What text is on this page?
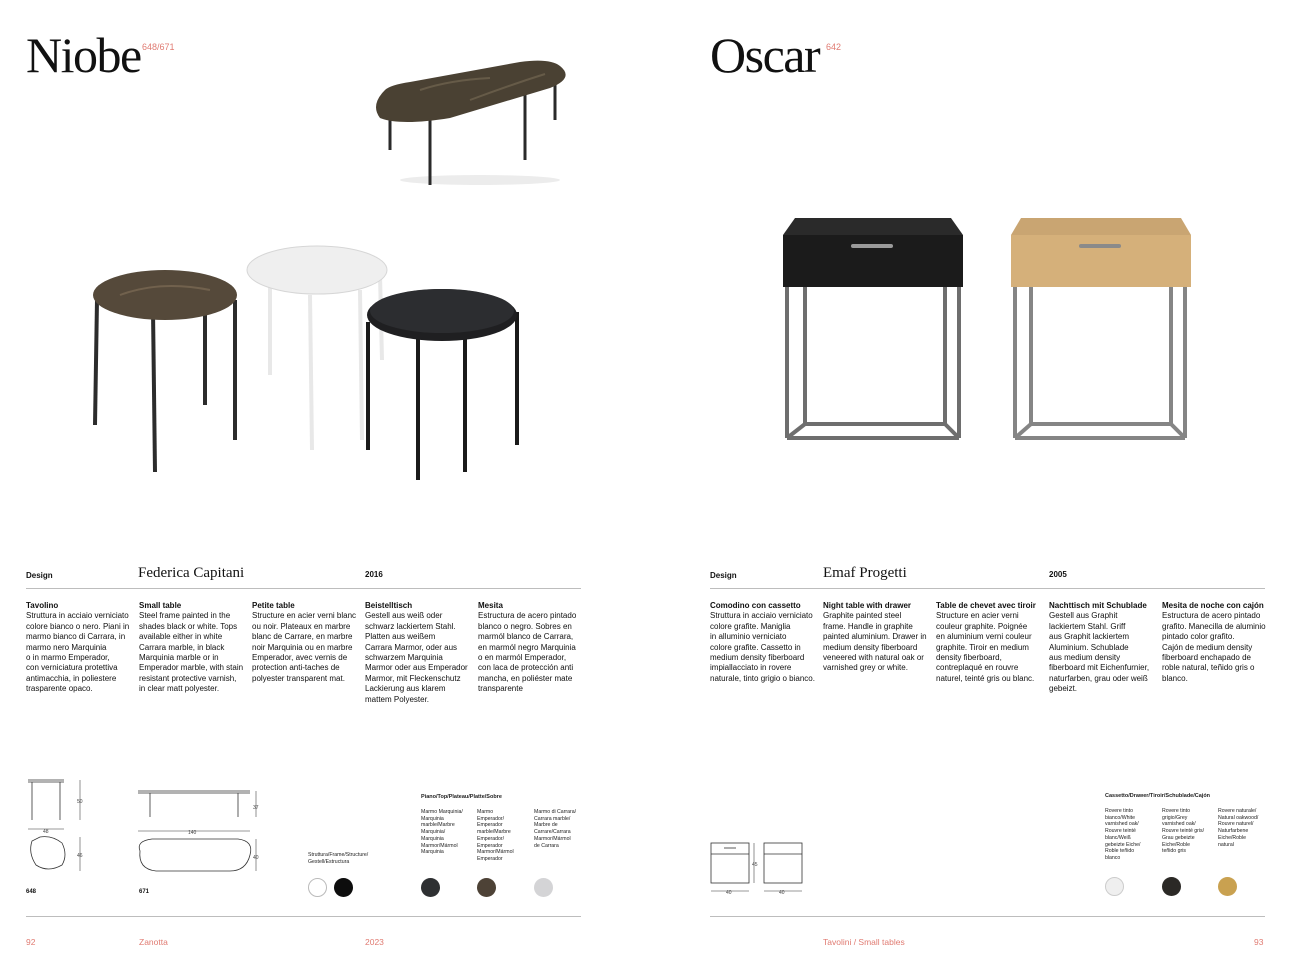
Niobe 648/671
Design	Federica Capitani	2016
Tavolino
Struttura in acciaio verniciato
colore bianco o nero. Piani in
marmo bianco di Carrara, in
marmo nero Marquinia
o in marmo Emperador,
con verniciatura protettiva
antimacchia, in poliestere
trasparente opaco.
Small table
Steel frame painted in the
shades black or white. Tops
available either in white
Carrara marble, in black
Marquinia marble or in
Emperador marble, with stain
resistant protective varnish,
in clear matt polyester.
Petite table
Structure en acier verni blanc
ou noir. Plateaux en marbre
blanc de Carrare, en marbre
noir Marquinia ou en marbre
Emperador, avec vernis de
protection anti-taches de
polyester transparent mat.
Beistelltisch
Gestell aus weiß oder
schwarz lackiertem Stahl.
Platten aus weißem
Carrara Marmor, oder aus
schwarzem Marquinia
Marmor oder aus Emperador
Marmor, mit Fleckenschutz
Lackierung aus klarem
mattem Polyester.
Mesita
Estructura de acero pintado
blanco o negro. Sobres en
marmól blanco de Carrara,
en marmól negro Marquinia
o en marmól Emperador,
con laca de protección anti
mancha, en poliéster mate
transparente
50
48
46
648
37
140
40
671
Struttura/Frame/Structure/
Gestell/Estructura
Piano/Top/Plateau/Platte/Sobre
Marmo Marquinia/
Marquinia
marble/Marbre
Marquinia/
Marquinia
Marmor/Mármol
Marquinia
Marmo
Emperador/
Emperador
marble/Marbre
Emperador/
Emperador
Marmor/Mármol
Emperador
Marmo di Carrara/
Carrara marble/
Marbre de
Carrare/Carrara
Marmor/Mármol
de Carrara
92	Zanotta	2023
Oscar 642
Design	Emaf Progetti	2005
Comodino con cassetto
Struttura in acciaio verniciato
colore grafite. Maniglia
in alluminio verniciato
colore grafite. Cassetto in
medium density fiberboard
impiallacciato in rovere
naturale, tinto grigio o bianco.
Night table with drawer
Graphite painted steel
frame. Handle in graphite
painted aluminium. Drawer in
medium density fiberboard
veneered with natural oak or
varnished grey or white.
Table de chevet avec tiroir
Structure en acier verni
couleur graphite. Poignée
en aluminium verni couleur
graphite. Tiroir en medium
density fiberboard,
contreplaqué en rouvre
naturel, teinté gris ou blanc.
Nachttisch mit Schublade
Gestell aus Graphit
lackiertem Stahl. Griff
aus Graphit lackiertem
Aluminium. Schublade
aus medium density
fiberboard mit Eichenfurnier,
naturfarben, grau oder weiß
gebeizt.
Mesita de noche con cajón
Estructura de acero pintado
grafito. Manecilla de aluminio
pintado color grafito.
Cajón de medium density
fiberboard enchapado de
roble natural, teñido gris o
blanco.
45
40	40
Cassetto/Drawer/Tiroir/Schublade/Cajón
Rovere tinto
bianco/White
varnished oak/
Rouvre teinté
blanc/Weiß
gebeizte Eiche/
Roble teñido
blanco
Rovere tinto
grigio/Grey
varnished oak/
Rouvre teinté gris/
Grau gebeizte
Eiche/Roble
teñido gris
Rovere naturale/
Natural oakwood/
Rouvre naturel/
Naturfarbene
Eiche/Roble
natural
Tavolini / Small tables	93
